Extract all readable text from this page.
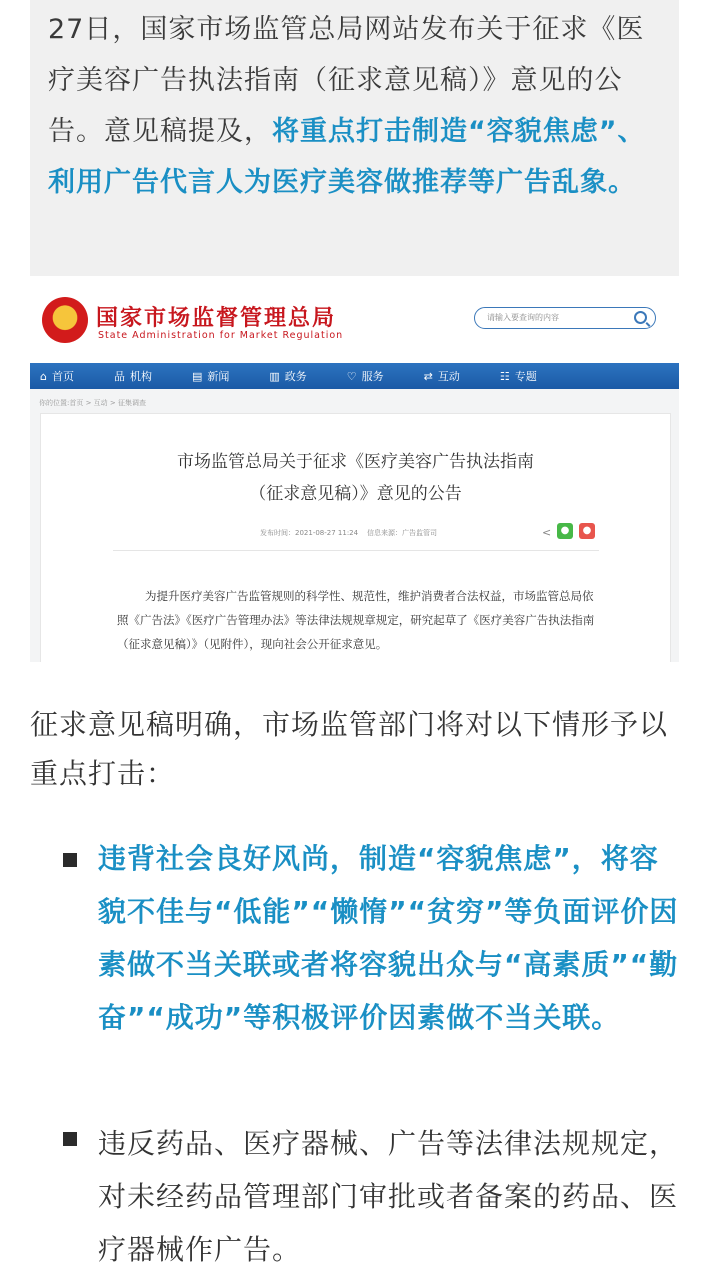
27日，国家市场监管总局网站发布关于征求《医疗美容广告执法指南（征求意见稿）》意见的公告。意见稿提及，将重点打击制造“容貌焦虑”、利用广告代言人为医疗美容做推荐等广告乱象。
国家市场监督管理总局
State Administration for Market Regulation
请输入要查询的内容
⌂ 首页	品 机构	▤ 新闻	▥ 政务	♡ 服务	⇄ 互动	☷ 专题
你的位置:首页 > 互动 > 征集调查
市场监管总局关于征求《医疗美容广告执法指南
（征求意见稿）》意见的公告
发布时间：2021-08-27 11:24 信息来源：广告监管司	< ●	●
为提升医疗美容广告监管规则的科学性、规范性，维护消费者合法权益，市场监管总局依照《广告法》《医疗广告管理办法》等法律法规规章规定，研究起草了《医疗美容广告执法指南（征求意见稿）》（见附件），现向社会公开征求意见。
征求意见稿明确，市场监管部门将对以下情形予以重点打击：
违背社会良好风尚，制造“容貌焦虑”，将容貌不佳与“低能”“懒惰”“贫穷”等负面评价因素做不当关联或者将容貌出众与“高素质”“勤奋”“成功”等积极评价因素做不当关联。
违反药品、医疗器械、广告等法律法规规定，对未经药品管理部门审批或者备案的药品、医疗器械作广告。
